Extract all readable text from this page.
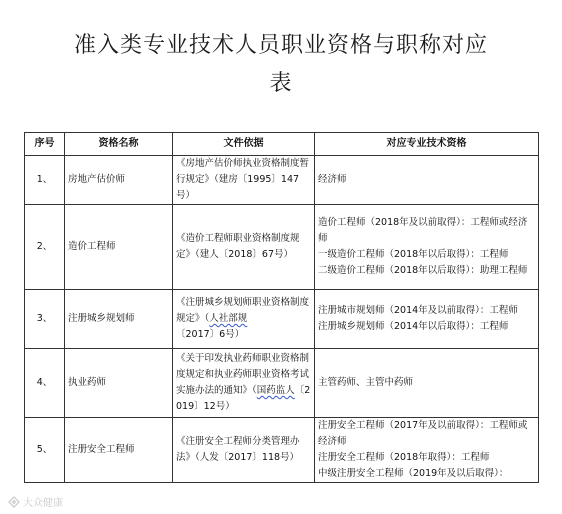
准入类专业技术人员职业资格与职称对应
表
序号	资格名称	文件依据	对应专业技术资格
1、	房地产估价师	《房地产估价师执业资格制度暂行规定》（建房〔1995〕147号）	经济师

2、	造价工程师	《造价工程师职业资格制度规定》（建人〔2018〕67号）	造价工程师（2018年及以前取得）：工程师或经济师
一级造价工程师（2018年以后取得）：工程师
二级造价工程师（2018年以后取得）：助理工程师

3、	注册城乡规划师	《注册城乡规划师职业资格制度规定》（人社部规〔2017〕6号）	注册城市规划师（2014年及以前取得）：工程师
注册城乡规划师（2014年以后取得）：工程师

4、	执业药师	《关于印发执业药师职业资格制度规定和执业药师职业资格考试实施办法的通知》（国药监人〔2019〕12号）	主管药师、主管中药师

5、	注册安全工程师	《注册安全工程师分类管理办法》（人发〔2017〕118号）	注册安全工程师（2017年及以前取得）：工程师或经济师
注册安全工程师（2018年取得）：工程师
中级注册安全工程师（2019年及以后取得）：
大众健康
